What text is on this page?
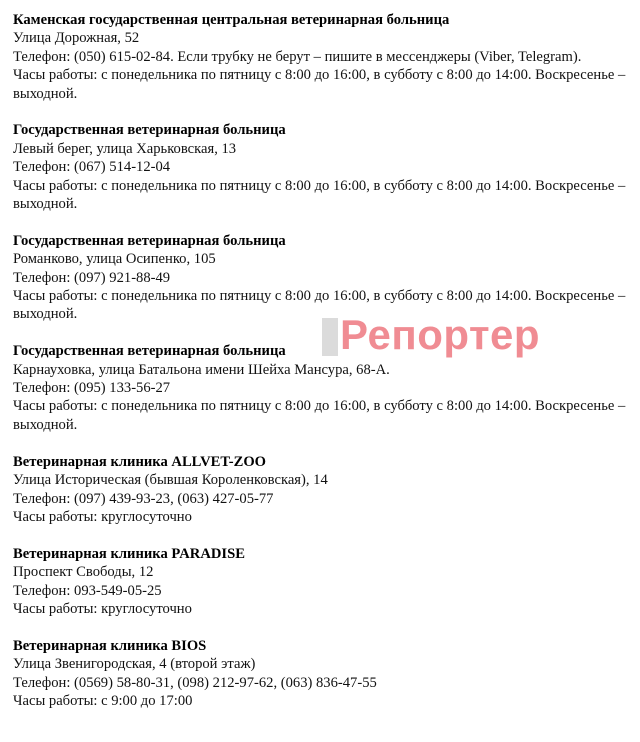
Каменская государственная центральная ветеринарная больница
Улица Дорожная, 52
Телефон: (050) 615-02-84. Если трубку не берут – пишите в мессенджеры (Viber, Telegram).
Часы работы: с понедельника по пятницу с 8:00 до 16:00, в субботу с 8:00 до 14:00. Воскресенье – выходной.
Государственная ветеринарная больница
Левый берег, улица Харьковская, 13
Телефон: (067) 514-12-04
Часы работы: с понедельника по пятницу с 8:00 до 16:00, в субботу с 8:00 до 14:00. Воскресенье – выходной.
Государственная ветеринарная больница
Романково, улица Осипенко, 105
Телефон: (097) 921-88-49
Часы работы: с понедельника по пятницу с 8:00 до 16:00, в субботу с 8:00 до 14:00. Воскресенье – выходной.
Государственная ветеринарная больница
Карнауховка, улица Батальона имени Шейха Мансура, 68-А.
Телефон: (095) 133-56-27
Часы работы: с понедельника по пятницу с 8:00 до 16:00, в субботу с 8:00 до 14:00. Воскресенье – выходной.
Ветеринарная клиника ALLVET-ZOO
Улица Историческая (бывшая Короленковская), 14
Телефон: (097) 439-93-23, (063) 427-05-77
Часы работы: круглосуточно
Ветеринарная клиника PARADISE
Проспект Свободы, 12
Телефон: 093-549-05-25
Часы работы: круглосуточно
Ветеринарная клиника BIOS
Улица Звенигородская, 4 (второй этаж)
Телефон: (0569) 58-80-31, (098) 212-97-62, (063) 836-47-55
Часы работы: с 9:00 до 17:00
Репортер
